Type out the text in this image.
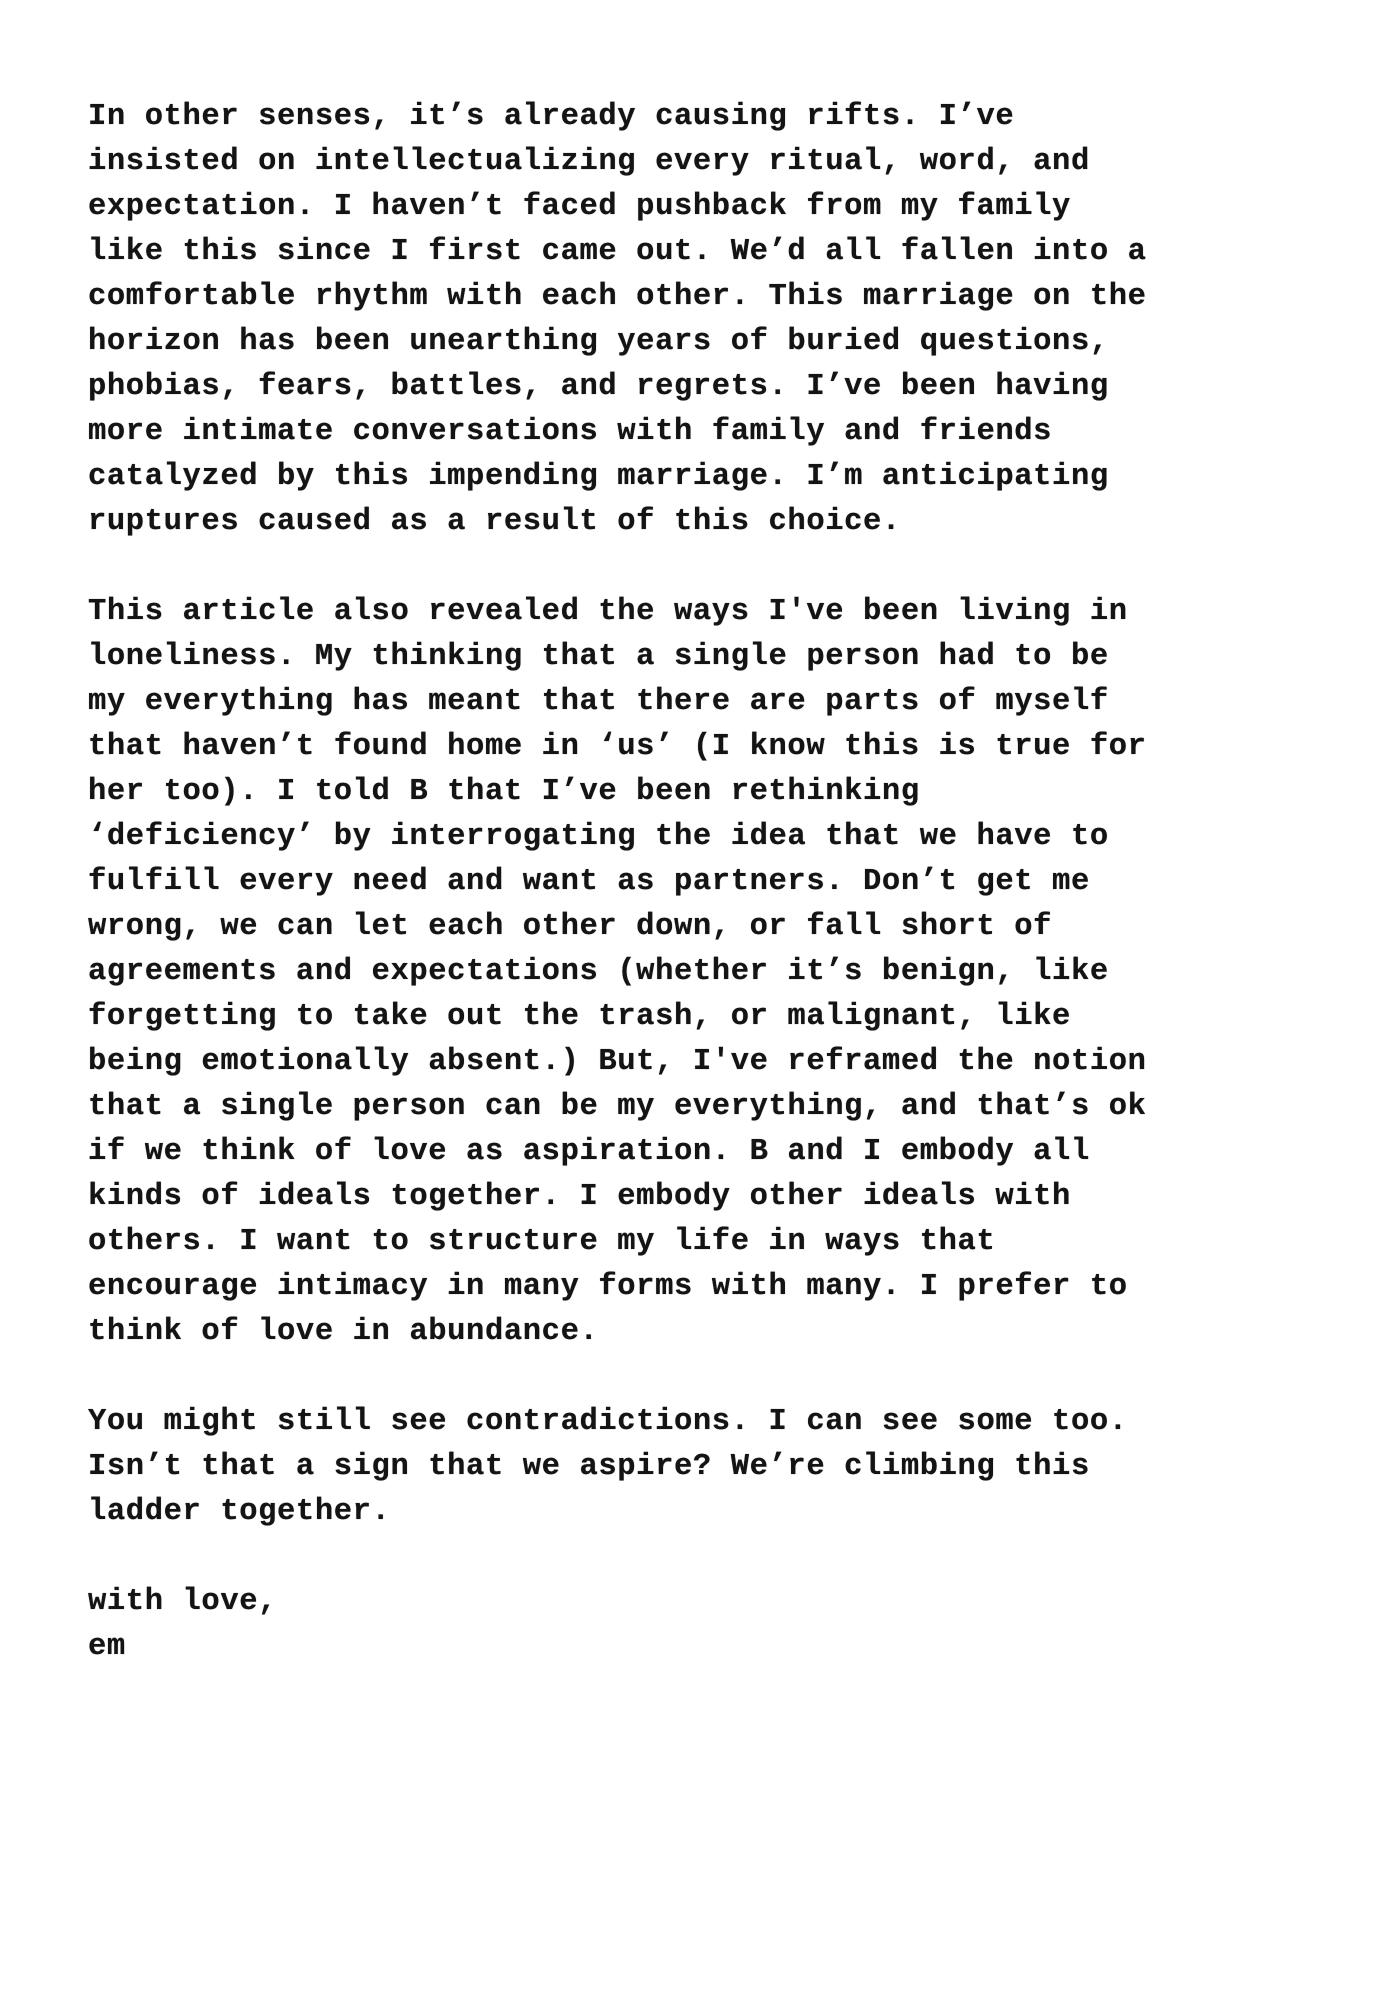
In other senses, it’s already causing rifts. I’ve
insisted on intellectualizing every ritual, word, and
expectation. I haven’t faced pushback from my family
like this since I first came out. We’d all fallen into a
comfortable rhythm with each other. This marriage on the
horizon has been unearthing years of buried questions,
phobias, fears, battles, and regrets. I’ve been having
more intimate conversations with family and friends
catalyzed by this impending marriage. I’m anticipating
ruptures caused as a result of this choice.
This article also revealed the ways I've been living in
loneliness. My thinking that a single person had to be
my everything has meant that there are parts of myself
that haven’t found home in ‘us’ (I know this is true for
her too). I told B that I’ve been rethinking
‘deficiency’ by interrogating the idea that we have to
fulfill every need and want as partners. Don’t get me
wrong, we can let each other down, or fall short of
agreements and expectations (whether it’s benign, like
forgetting to take out the trash, or malignant, like
being emotionally absent.) But, I've reframed the notion
that a single person can be my everything, and that’s ok
if we think of love as aspiration. B and I embody all
kinds of ideals together. I embody other ideals with
others. I want to structure my life in ways that
encourage intimacy in many forms with many. I prefer to
think of love in abundance.
You might still see contradictions. I can see some too.
Isn’t that a sign that we aspire? We’re climbing this
ladder together.
with love,
em
